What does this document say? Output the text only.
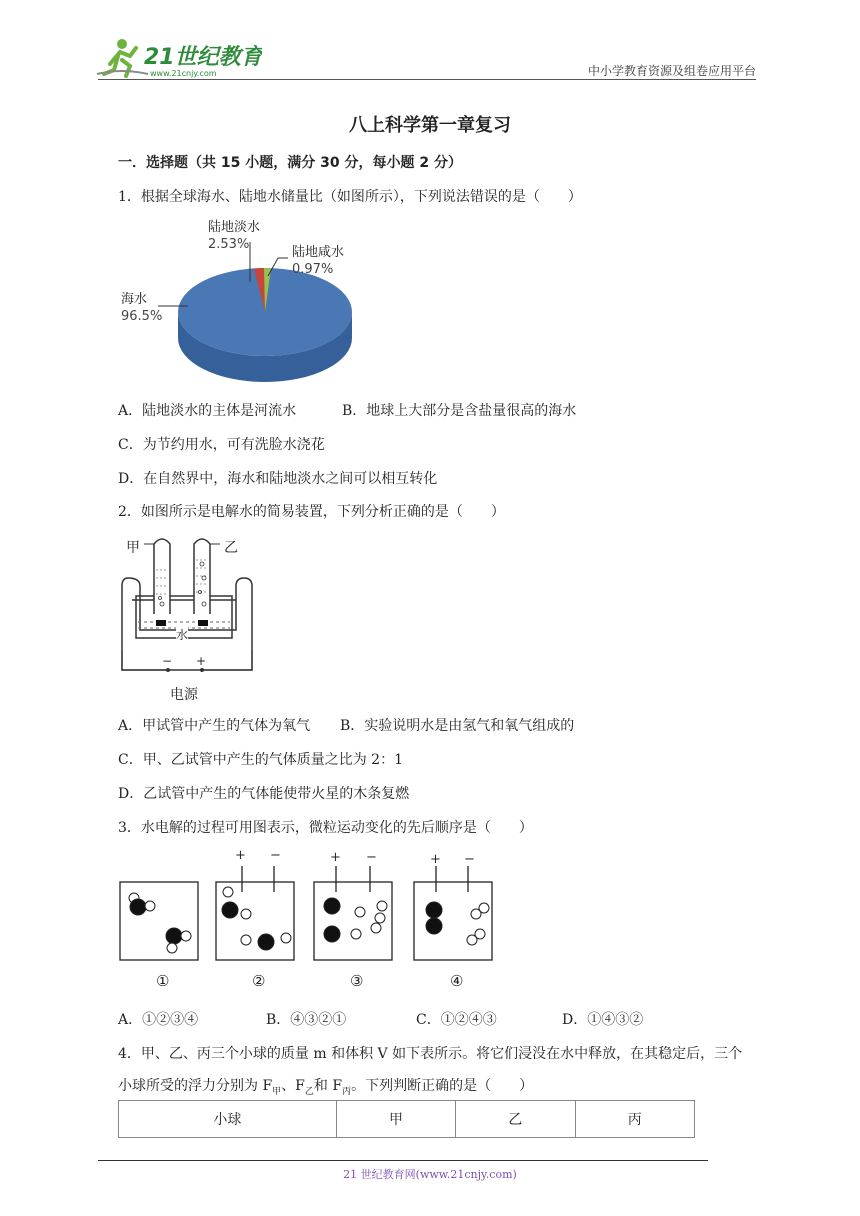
21世纪教育
www.21cnjy.com	中小学教育资源及组卷应用平台
八上科学第一章复习
一．选择题（共 15 小题，满分 30 分，每小题 2 分）
1．根据全球海水、陆地水储量比（如图所示），下列说法错误的是（　　）
陆地淡水
2.53%
陆地咸水
0.97%
海水
96.5%
A．陆地淡水的主体是河流水	B．地球上大部分是含盐量很高的海水
C．为节约用水，可有洗脸水浇花
D．在自然界中，海水和陆地淡水之间可以相互转化
2．如图所示是电解水的简易装置，下列分析正确的是（　　）
甲	乙
水
− +
电源
A．甲试管中产生的气体为氧气 B．实验说明水是由氢气和氧气组成的
C．甲、乙试管中产生的气体质量之比为 2：1
D．乙试管中产生的气体能使带火星的木条复燃
3．水电解的过程可用图表示，微粒运动变化的先后顺序是（　　）
+ −	+ −	+ −
①	②	③	④
A．①②③④	B．④③②①	C．①②④③	D．①④③②
4．甲、乙、丙三个小球的质量 m 和体积 V 如下表所示。将它们浸没在水中释放，在其稳定后，三个
小球所受的浮力分别为 $F_甲$、$F_乙$和 $F_丙$。下列判断正确的是（　　）
小球	甲	乙	丙
21 世纪教育网(www.21cnjy.com)
